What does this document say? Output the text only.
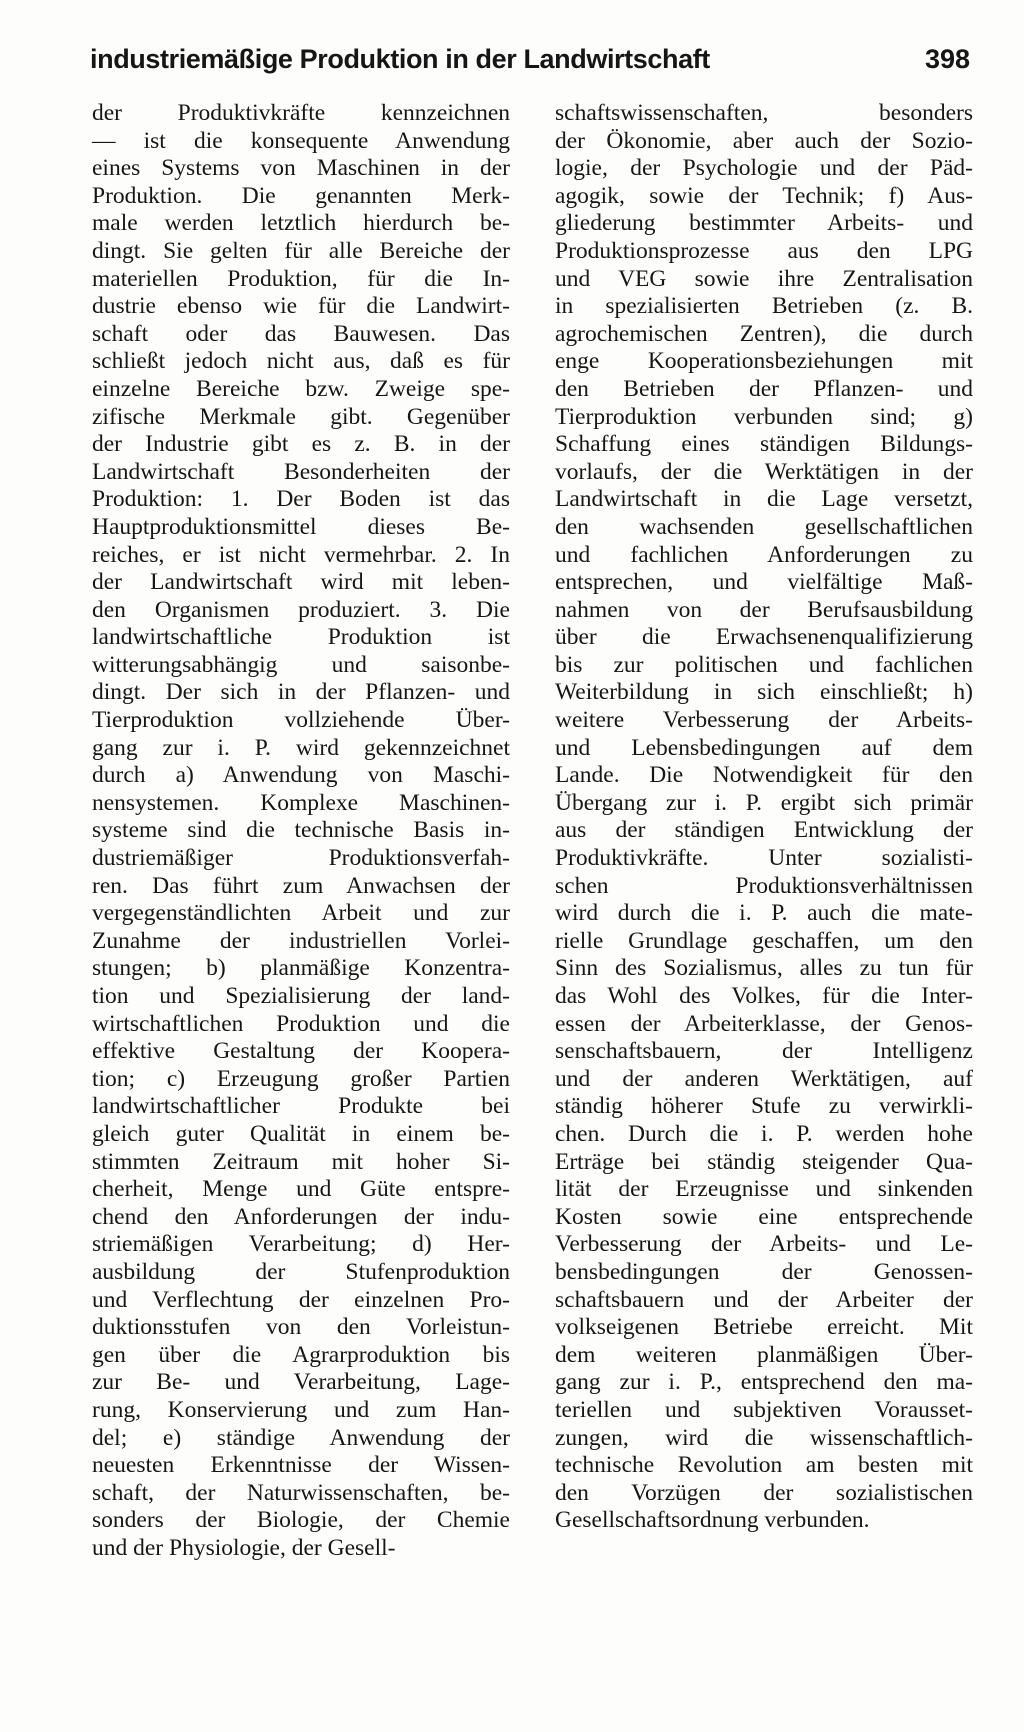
industriemäßige Produktion in der Landwirtschaft	398
der Produktivkräfte kennzeichnen
— ist die konsequente Anwendung
eines Systems von Maschinen in der
Produktion. Die genannten Merk-
male werden letztlich hierdurch be-
dingt. Sie gelten für alle Bereiche der
materiellen Produktion, für die In-
dustrie ebenso wie für die Landwirt-
schaft oder das Bauwesen. Das
schließt jedoch nicht aus, daß es für
einzelne Bereiche bzw. Zweige spe-
zifische Merkmale gibt. Gegenüber
der Industrie gibt es z. B. in der
Landwirtschaft Besonderheiten der
Produktion: 1. Der Boden ist das
Hauptproduktionsmittel dieses Be-
reiches, er ist nicht vermehrbar. 2. In
der Landwirtschaft wird mit leben-
den Organismen produziert. 3. Die
landwirtschaftliche Produktion ist
witterungsabhängig und saisonbe-
dingt. Der sich in der Pflanzen- und
Tierproduktion vollziehende Über-
gang zur i. P. wird gekennzeichnet
durch a) Anwendung von Maschi-
nensystemen. Komplexe Maschinen-
systeme sind die technische Basis in-
dustriemäßiger Produktionsverfah-
ren. Das führt zum Anwachsen der
vergegenständlichten Arbeit und zur
Zunahme der industriellen Vorlei-
stungen; b) planmäßige Konzentra-
tion und Spezialisierung der land-
wirtschaftlichen Produktion und die
effektive Gestaltung der Kooperа-
tion; c) Erzeugung großer Partien
landwirtschaftlicher Produkte bei
gleich guter Qualität in einem be-
stimmten Zeitraum mit hoher Si-
cherheit, Menge und Güte entspre-
chend den Anforderungen der indu-
striemäßigen Verarbeitung; d) Her-
ausbildung der Stufenproduktion
und Verflechtung der einzelnen Pro-
duktionsstufen von den Vorleistun-
gen über die Agrarproduktion bis
zur Be- und Verarbeitung, Lage-
rung, Konservierung und zum Han-
del; e) ständige Anwendung der
neuesten Erkenntnisse der Wissen-
schaft, der Naturwissenschaften, be-
sonders der Biologie, der Chemie
und der Physiologie, der Gesell-
schaftswissenschaften, besonders
der Ökonomie, aber auch der Sozio-
logie, der Psychologie und der Päd-
agogik, sowie der Technik; f) Aus-
gliederung bestimmter Arbeits- und
Produktionsprozesse aus den LPG
und VEG sowie ihre Zentralisation
in spezialisierten Betrieben (z. B.
agrochemischen Zentren), die durch
enge Kooperationsbeziehungen mit
den Betrieben der Pflanzen- und
Tierproduktion verbunden sind; g)
Schaffung eines ständigen Bildungs-
vorlaufs, der die Werktätigen in der
Landwirtschaft in die Lage versetzt,
den wachsenden gesellschaftlichen
und fachlichen Anforderungen zu
entsprechen, und vielfältige Maß-
nahmen von der Berufsausbildung
über die Erwachsenenqualifizierung
bis zur politischen und fachlichen
Weiterbildung in sich einschließt; h)
weitere Verbesserung der Arbeits-
und Lebensbedingungen auf dem
Lande. Die Notwendigkeit für den
Übergang zur i. P. ergibt sich primär
aus der ständigen Entwicklung der
Produktivkräfte. Unter sozialisti-
schen Produktionsverhältnissen
wird durch die i. P. auch die mate-
rielle Grundlage geschaffen, um den
Sinn des Sozialismus, alles zu tun für
das Wohl des Volkes, für die Inter-
essen der Arbeiterklasse, der Genos-
senschaftsbauern, der Intelligenz
und der anderen Werktätigen, auf
ständig höherer Stufe zu verwirkli-
chen. Durch die i. P. werden hohe
Erträge bei ständig steigender Qua-
lität der Erzeugnisse und sinkenden
Kosten sowie eine entsprechende
Verbesserung der Arbeits- und Le-
bensbedingungen der Genossen-
schaftsbauern und der Arbeiter der
volkseigenen Betriebe erreicht. Mit
dem weiteren planmäßigen Über-
gang zur i. P., entsprechend den ma-
teriellen und subjektiven Vorausset-
zungen, wird die wissenschaftlich-
technische Revolution am besten mit
den Vorzügen der sozialistischen
Gesellschaftsordnung verbunden.
